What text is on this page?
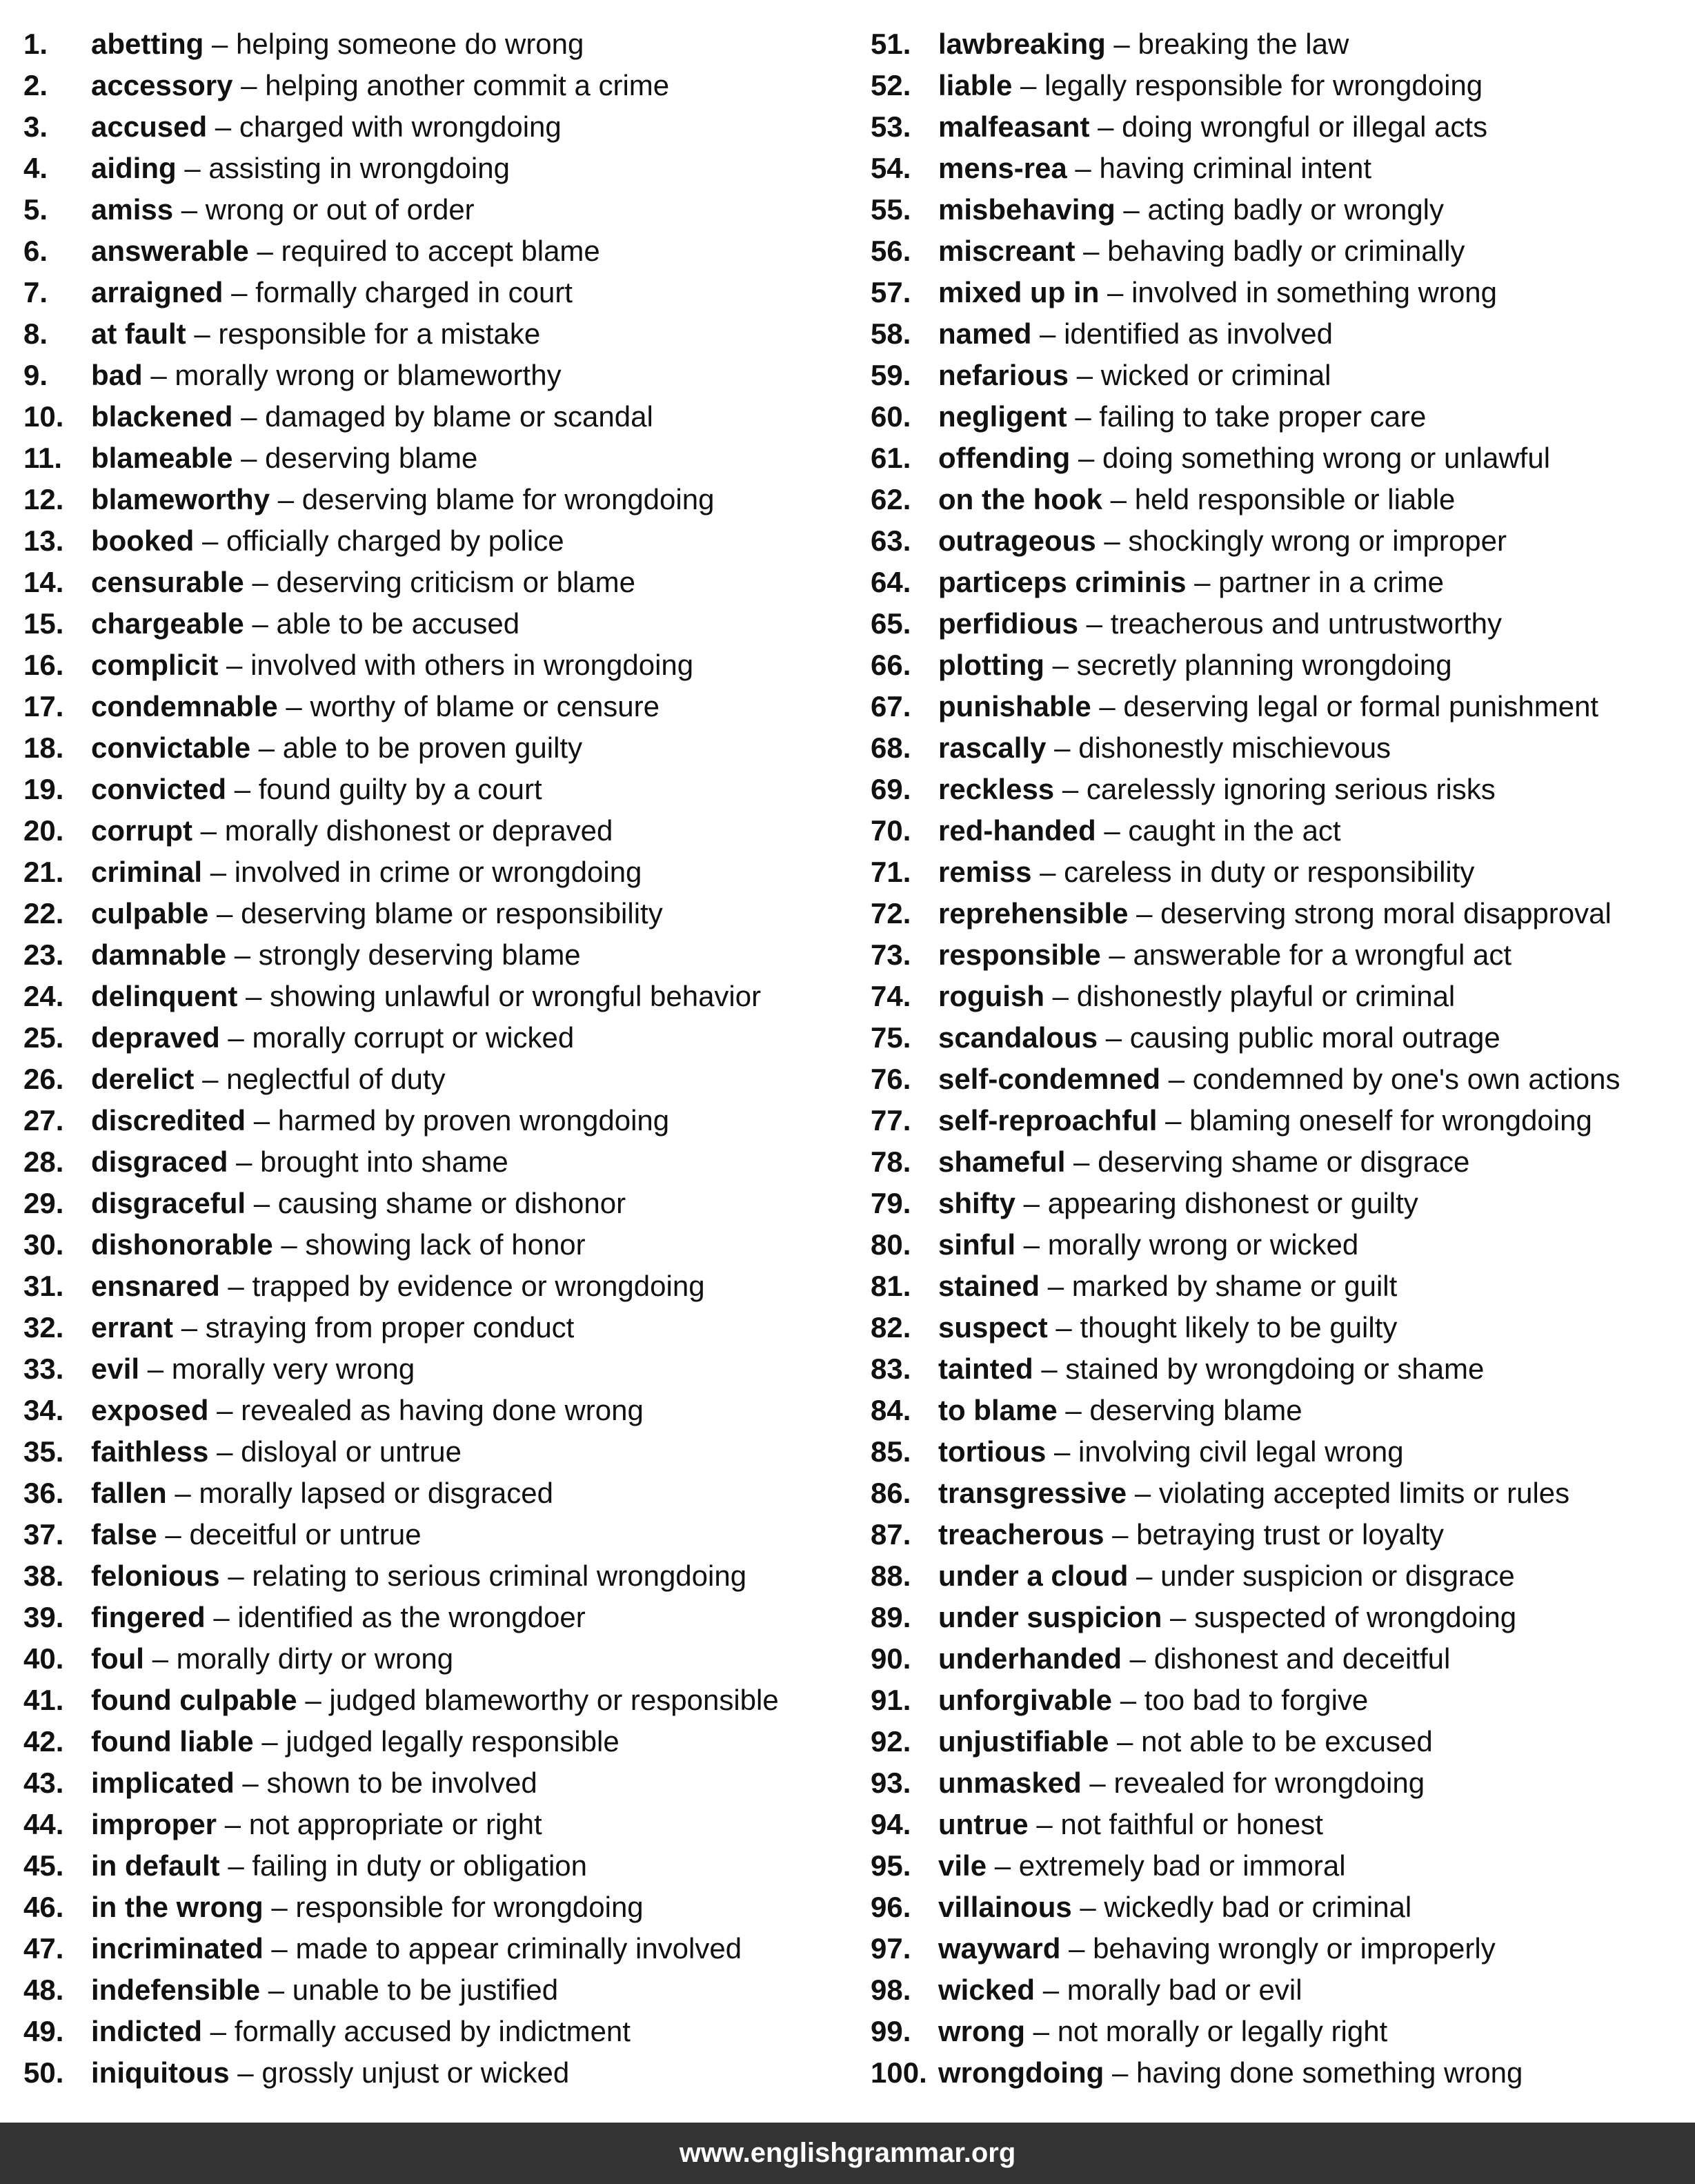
1. abetting – helping someone do wrong
2. accessory – helping another commit a crime
3. accused – charged with wrongdoing
4. aiding – assisting in wrongdoing
5. amiss – wrong or out of order
6. answerable – required to accept blame
7. arraigned – formally charged in court
8. at fault – responsible for a mistake
9. bad – morally wrong or blameworthy
10. blackened – damaged by blame or scandal
11. blameable – deserving blame
12. blameworthy – deserving blame for wrongdoing
13. booked – officially charged by police
14. censurable – deserving criticism or blame
15. chargeable – able to be accused
16. complicit – involved with others in wrongdoing
17. condemnable – worthy of blame or censure
18. convictable – able to be proven guilty
19. convicted – found guilty by a court
20. corrupt – morally dishonest or depraved
21. criminal – involved in crime or wrongdoing
22. culpable – deserving blame or responsibility
23. damnable – strongly deserving blame
24. delinquent – showing unlawful or wrongful behavior
25. depraved – morally corrupt or wicked
26. derelict – neglectful of duty
27. discredited – harmed by proven wrongdoing
28. disgraced – brought into shame
29. disgraceful – causing shame or dishonor
30. dishonorable – showing lack of honor
31. ensnared – trapped by evidence or wrongdoing
32. errant – straying from proper conduct
33. evil – morally very wrong
34. exposed – revealed as having done wrong
35. faithless – disloyal or untrue
36. fallen – morally lapsed or disgraced
37. false – deceitful or untrue
38. felonious – relating to serious criminal wrongdoing
39. fingered – identified as the wrongdoer
40. foul – morally dirty or wrong
41. found culpable – judged blameworthy or responsible
42. found liable – judged legally responsible
43. implicated – shown to be involved
44. improper – not appropriate or right
45. in default – failing in duty or obligation
46. in the wrong – responsible for wrongdoing
47. incriminated – made to appear criminally involved
48. indefensible – unable to be justified
49. indicted – formally accused by indictment
50. iniquitous – grossly unjust or wicked
51. lawbreaking – breaking the law
52. liable – legally responsible for wrongdoing
53. malfeasant – doing wrongful or illegal acts
54. mens-rea – having criminal intent
55. misbehaving – acting badly or wrongly
56. miscreant – behaving badly or criminally
57. mixed up in – involved in something wrong
58. named – identified as involved
59. nefarious – wicked or criminal
60. negligent – failing to take proper care
61. offending – doing something wrong or unlawful
62. on the hook – held responsible or liable
63. outrageous – shockingly wrong or improper
64. particeps criminis – partner in a crime
65. perfidious – treacherous and untrustworthy
66. plotting – secretly planning wrongdoing
67. punishable – deserving legal or formal punishment
68. rascally – dishonestly mischievous
69. reckless – carelessly ignoring serious risks
70. red-handed – caught in the act
71. remiss – careless in duty or responsibility
72. reprehensible – deserving strong moral disapproval
73. responsible – answerable for a wrongful act
74. roguish – dishonestly playful or criminal
75. scandalous – causing public moral outrage
76. self-condemned – condemned by one's own actions
77. self-reproachful – blaming oneself for wrongdoing
78. shameful – deserving shame or disgrace
79. shifty – appearing dishonest or guilty
80. sinful – morally wrong or wicked
81. stained – marked by shame or guilt
82. suspect – thought likely to be guilty
83. tainted – stained by wrongdoing or shame
84. to blame – deserving blame
85. tortious – involving civil legal wrong
86. transgressive – violating accepted limits or rules
87. treacherous – betraying trust or loyalty
88. under a cloud – under suspicion or disgrace
89. under suspicion – suspected of wrongdoing
90. underhanded – dishonest and deceitful
91. unforgivable – too bad to forgive
92. unjustifiable – not able to be excused
93. unmasked – revealed for wrongdoing
94. untrue – not faithful or honest
95. vile – extremely bad or immoral
96. villainous – wickedly bad or criminal
97. wayward – behaving wrongly or improperly
98. wicked – morally bad or evil
99. wrong – not morally or legally right
100. wrongdoing – having done something wrong
www.englishgrammar.org
